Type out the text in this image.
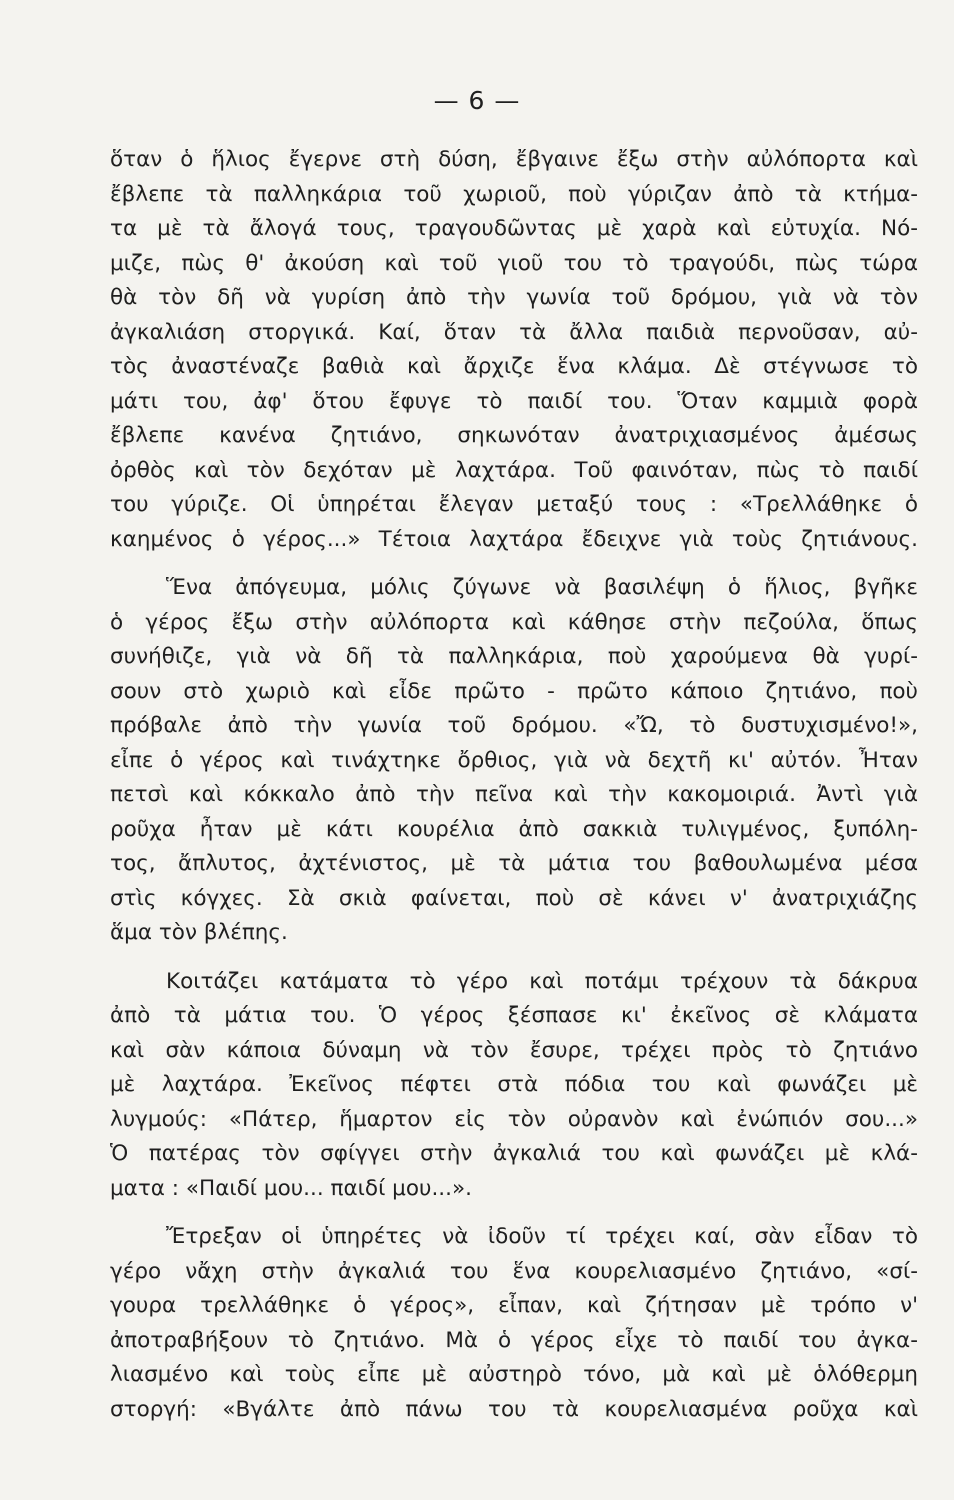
— 6 —
ὅταν ὁ ἥλιος ἔγερνε στὴ δύση, ἔβγαινε ἔξω στὴν αὐλόπορτα καὶ
ἔβλεπε τὰ παλληκάρια τοῦ χωριοῦ, ποὺ γύριζαν ἀπὸ τὰ κτήμα-
τα μὲ τὰ ἄλογά τους, τραγουδῶντας μὲ χαρὰ καὶ εὐτυχία. Νό-
μιζε, πὼς θ' ἀκούση καὶ τοῦ γιοῦ του τὸ τραγούδι, πὼς τώρα
θὰ τὸν δῆ νὰ γυρίση ἀπὸ τὴν γωνία τοῦ δρόμου, γιὰ νὰ τὸν
ἀγκαλιάση στοργικά. Καί, ὅταν τὰ ἄλλα παιδιὰ περνοῦσαν, αὐ-
τὸς ἀναστέναζε βαθιὰ καὶ ἄρχιζε ἕνα κλάμα. Δὲ στέγνωσε τὸ
μάτι του, ἀφ' ὅτου ἔφυγε τὸ παιδί του. Ὅταν καμμιὰ φορὰ
ἔβλεπε κανένα ζητιάνο, σηκωνόταν ἀνατριχιασμένος ἀμέσως
ὀρθὸς καὶ τὸν δεχόταν μὲ λαχτάρα. Τοῦ φαινόταν, πὼς τὸ παιδί
του γύριζε. Οἱ ὑπηρέται ἔλεγαν μεταξύ τους : «Τρελλάθηκε ὁ
καημένος ὁ γέρος...» Τέτοια λαχτάρα ἔδειχνε γιὰ τοὺς ζητιάνους.
Ἕνα ἀπόγευμα, μόλις ζύγωνε νὰ βασιλέψη ὁ ἥλιος, βγῆκε
ὁ γέρος ἔξω στὴν αὐλόπορτα καὶ κάθησε στὴν πεζούλα, ὅπως
συνήθιζε, γιὰ νὰ δῆ τὰ παλληκάρια, ποὺ χαρούμενα θὰ γυρί-
σουν στὸ χωριὸ καὶ εἶδε πρῶτο - πρῶτο κάποιο ζητιάνο, ποὺ
πρόβαλε ἀπὸ τὴν γωνία τοῦ δρόμου. «Ὤ, τὸ δυστυχισμένο!»,
εἶπε ὁ γέρος καὶ τινάχτηκε ὄρθιος, γιὰ νὰ δεχτῆ κι' αὐτόν. Ἦταν
πετσὶ καὶ κόκκαλο ἀπὸ τὴν πεῖνα καὶ τὴν κακομοιριά. Ἀντὶ γιὰ
ροῦχα ἦταν μὲ κάτι κουρέλια ἀπὸ σακκιὰ τυλιγμένος, ξυπόλη-
τος, ἄπλυτος, ἀχτένιστος, μὲ τὰ μάτια του βαθουλωμένα μέσα
στὶς κόγχες. Σὰ σκιὰ φαίνεται, ποὺ σὲ κάνει ν' ἀνατριχιάζης
ἅμα τὸν βλέπης.
Κοιτάζει κατάματα τὸ γέρο καὶ ποτάμι τρέχουν τὰ δάκρυα
ἀπὸ τὰ μάτια του. Ὁ γέρος ξέσπασε κι' ἐκεῖνος σὲ κλάματα
καὶ σὰν κάποια δύναμη νὰ τὸν ἔσυρε, τρέχει πρὸς τὸ ζητιάνο
μὲ λαχτάρα. Ἐκεῖνος πέφτει στὰ πόδια του καὶ φωνάζει μὲ
λυγμούς: «Πάτερ, ἥμαρτον εἰς τὸν οὐρανὸν καὶ ἐνώπιόν σου...»
Ὁ πατέρας τὸν σφίγγει στὴν ἀγκαλιά του καὶ φωνάζει μὲ κλά-
ματα : «Παιδί μου... παιδί μου...».
Ἔτρεξαν οἱ ὑπηρέτες νὰ ἰδοῦν τί τρέχει καί, σὰν εἶδαν τὸ
γέρο νἄχη στὴν ἀγκαλιά του ἕνα κουρελιασμένο ζητιάνο, «σί-
γουρα τρελλάθηκε ὁ γέρος», εἶπαν, καὶ ζήτησαν μὲ τρόπο ν'
ἀποτραβήξουν τὸ ζητιάνο. Μὰ ὁ γέρος εἶχε τὸ παιδί του ἀγκα-
λιασμένο καὶ τοὺς εἶπε μὲ αὐστηρὸ τόνο, μὰ καὶ μὲ ὁλόθερμη
στοργή: «Βγάλτε ἀπὸ πάνω του τὰ κουρελιασμένα ροῦχα καὶ
